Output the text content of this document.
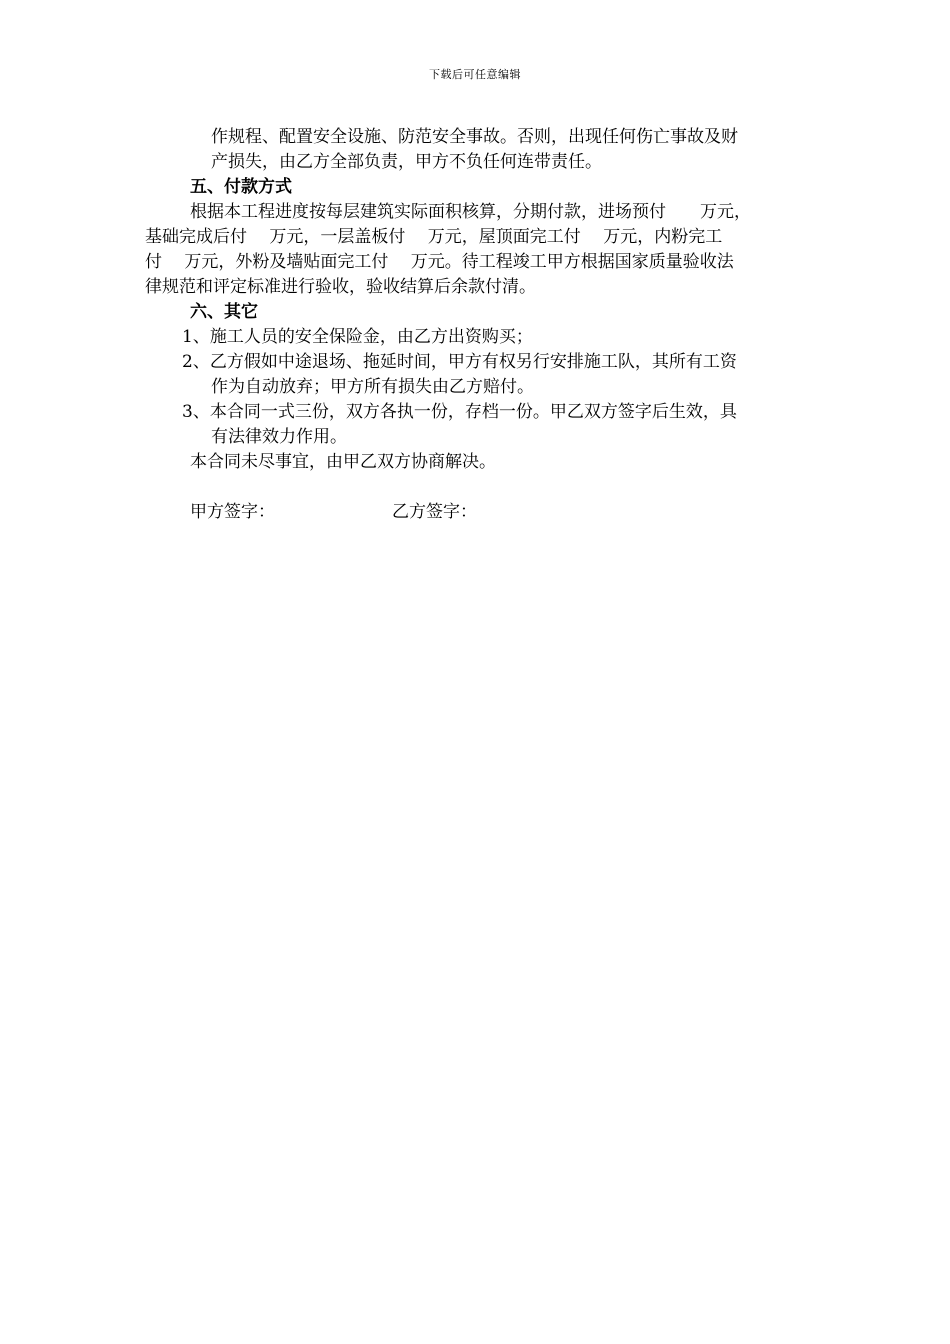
下载后可任意编辑
作规程、配置安全设施、防范安全事故。否则，出现任何伤亡事故及财
产损失，由乙方全部负责，甲方不负任何连带责任。
五、付款方式
根据本工程进度按每层建筑实际面积核算，分期付款，进场预付　　万元，
基础完成后付　 万元，一层盖板付　 万元，屋顶面完工付　 万元，内粉完工
付　 万元，外粉及墙贴面完工付　 万元。待工程竣工甲方根据国家质量验收法
律规范和评定标准进行验收，验收结算后余款付清。
六、其它
1、施工人员的安全保险金，由乙方出资购买；
2、乙方假如中途退场、拖延时间，甲方有权另行安排施工队，其所有工资
作为自动放弃；甲方所有损失由乙方赔付。
3、本合同一式三份，双方各执一份，存档一份。甲乙双方签字后生效，具
有法律效力作用。
本合同未尽事宜，由甲乙双方协商解决。
甲方签字：	乙方签字：
